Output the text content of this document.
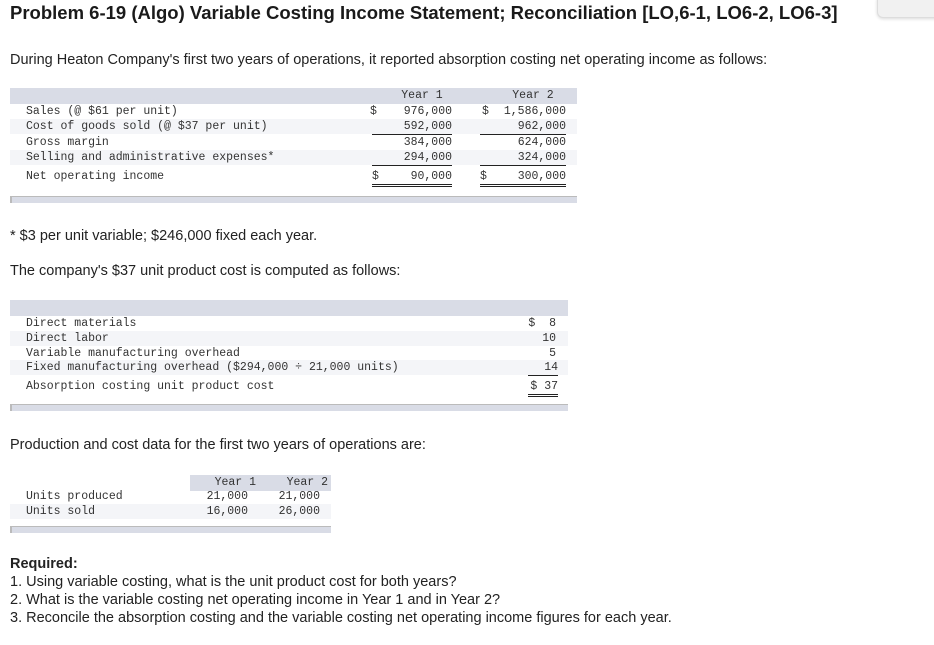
Problem 6-19 (Algo) Variable Costing Income Statement; Reconciliation [LO,6-1, LO6-2, LO6-3]
During Heaton Company's first two years of operations, it reported absorption costing net operating income as follows:
Year 1	Year 2
Sales (@ $61 per unit)	$	976,000	$	1,586,000
Cost of goods sold (@ $37 per unit)	592,000	962,000
Gross margin	384,000	624,000
Selling and administrative expenses*	294,000	324,000
Net operating income	$	90,000 $	300,000
* $3 per unit variable; $246,000 fixed each year.
The company's $37 unit product cost is computed as follows:
Direct materials	$  8
Direct labor	10
Variable manufacturing overhead	5
Fixed manufacturing overhead ($294,000 ÷ 21,000 units)	14
Absorption costing unit product cost	$ 37
Production and cost data for the first two years of operations are:
Year 1	Year 2
Units produced	21,000	21,000
Units sold	16,000	26,000
Required:
1. Using variable costing, what is the unit product cost for both years?
2. What is the variable costing net operating income in Year 1 and in Year 2?
3. Reconcile the absorption costing and the variable costing net operating income figures for each year.
